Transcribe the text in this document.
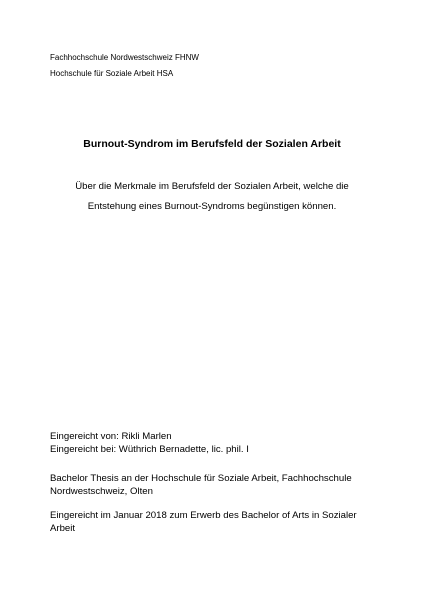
Fachhochschule Nordwestschweiz FHNW
Hochschule für Soziale Arbeit HSA
Burnout-Syndrom im Berufsfeld der Sozialen Arbeit
Über die Merkmale im Berufsfeld der Sozialen Arbeit, welche die
Entstehung eines Burnout-Syndroms begünstigen können.
Eingereicht von: Rikli Marlen
Eingereicht bei: Wüthrich Bernadette, lic. phil. I
Bachelor Thesis an der Hochschule für Soziale Arbeit, Fachhochschule
Nordwestschweiz, Olten
Eingereicht im Januar 2018 zum Erwerb des Bachelor of Arts in Sozialer
Arbeit
